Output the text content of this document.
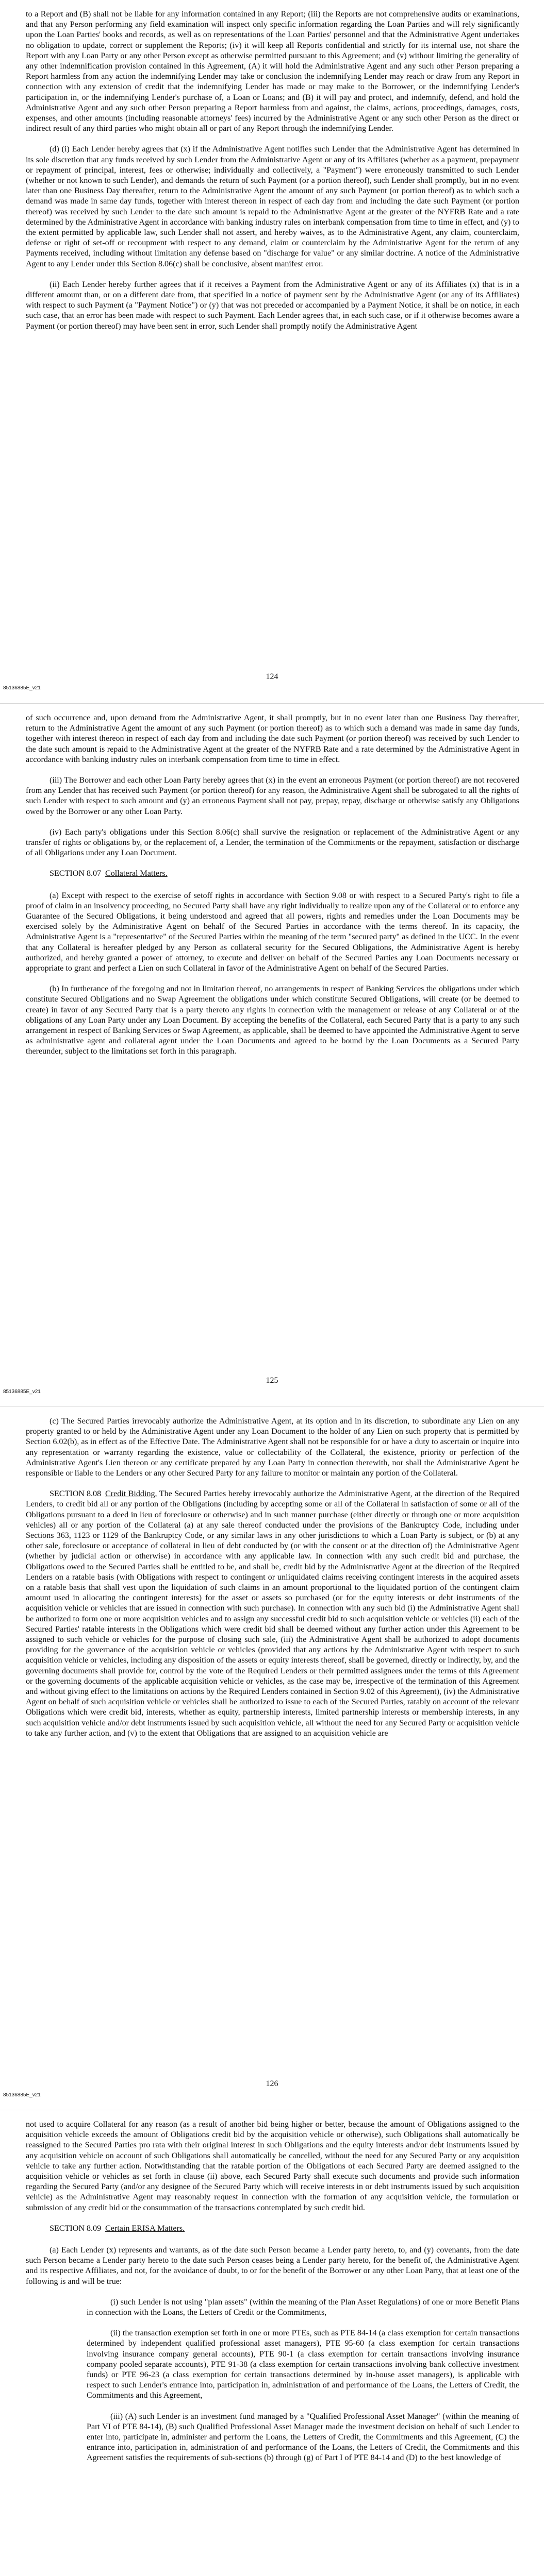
to a Report and (B) shall not be liable for any information contained in any Report; (iii) the Reports are not comprehensive audits or examinations, and that any Person performing any field examination will inspect only specific information regarding the Loan Parties and will rely significantly upon the Loan Parties' books and records, as well as on representations of the Loan Parties' personnel and that the Administrative Agent undertakes no obligation to update, correct or supplement the Reports; (iv) it will keep all Reports confidential and strictly for its internal use, not share the Report with any Loan Party or any other Person except as otherwise permitted pursuant to this Agreement; and (v) without limiting the generality of any other indemnification provision contained in this Agreement, (A) it will hold the Administrative Agent and any such other Person preparing a Report harmless from any action the indemnifying Lender may take or conclusion the indemnifying Lender may reach or draw from any Report in connection with any extension of credit that the indemnifying Lender has made or may make to the Borrower, or the indemnifying Lender's participation in, or the indemnifying Lender's purchase of, a Loan or Loans; and (B) it will pay and protect, and indemnify, defend, and hold the Administrative Agent and any such other Person preparing a Report harmless from and against, the claims, actions, proceedings, damages, costs, expenses, and other amounts (including reasonable attorneys' fees) incurred by the Administrative Agent or any such other Person as the direct or indirect result of any third parties who might obtain all or part of any Report through the indemnifying Lender.

(d) (i) Each Lender hereby agrees that (x) if the Administrative Agent notifies such Lender that the Administrative Agent has determined in its sole discretion that any funds received by such Lender from the Administrative Agent or any of its Affiliates (whether as a payment, prepayment or repayment of principal, interest, fees or otherwise; individually and collectively, a "Payment") were erroneously transmitted to such Lender (whether or not known to such Lender), and demands the return of such Payment (or a portion thereof), such Lender shall promptly, but in no event later than one Business Day thereafter, return to the Administrative Agent the amount of any such Payment (or portion thereof) as to which such a demand was made in same day funds, together with interest thereon in respect of each day from and including the date such Payment (or portion thereof) was received by such Lender to the date such amount is repaid to the Administrative Agent at the greater of the NYFRB Rate and a rate determined by the Administrative Agent in accordance with banking industry rules on interbank compensation from time to time in effect, and (y) to the extent permitted by applicable law, such Lender shall not assert, and hereby waives, as to the Administrative Agent, any claim, counterclaim, defense or right of set-off or recoupment with respect to any demand, claim or counterclaim by the Administrative Agent for the return of any Payments received, including without limitation any defense based on "discharge for value" or any similar doctrine. A notice of the Administrative Agent to any Lender under this Section 8.06(c) shall be conclusive, absent manifest error.

(ii) Each Lender hereby further agrees that if it receives a Payment from the Administrative Agent or any of its Affiliates (x) that is in a different amount than, or on a different date from, that specified in a notice of payment sent by the Administrative Agent (or any of its Affiliates) with respect to such Payment (a "Payment Notice") or (y) that was not preceded or accompanied by a Payment Notice, it shall be on notice, in each such case, that an error has been made with respect to such Payment. Each Lender agrees that, in each such case, or if it otherwise becomes aware a Payment (or portion thereof) may have been sent in error, such Lender shall promptly notify the Administrative Agent

124
85136885E_v21

of such occurrence and, upon demand from the Administrative Agent, it shall promptly, but in no event later than one Business Day thereafter, return to the Administrative Agent the amount of any such Payment (or portion thereof) as to which such a demand was made in same day funds, together with interest thereon in respect of each day from and including the date such Payment (or portion thereof) was received by such Lender to the date such amount is repaid to the Administrative Agent at the greater of the NYFRB Rate and a rate determined by the Administrative Agent in accordance with banking industry rules on interbank compensation from time to time in effect.

(iii) The Borrower and each other Loan Party hereby agrees that (x) in the event an erroneous Payment (or portion thereof) are not recovered from any Lender that has received such Payment (or portion thereof) for any reason, the Administrative Agent shall be subrogated to all the rights of such Lender with respect to such amount and (y) an erroneous Payment shall not pay, prepay, repay, discharge or otherwise satisfy any Obligations owed by the Borrower or any other Loan Party.

(iv) Each party's obligations under this Section 8.06(c) shall survive the resignation or replacement of the Administrative Agent or any transfer of rights or obligations by, or the replacement of, a Lender, the termination of the Commitments or the repayment, satisfaction or discharge of all Obligations under any Loan Document.

SECTION 8.07 Collateral Matters.

(a) Except with respect to the exercise of setoff rights in accordance with Section 9.08 or with respect to a Secured Party's right to file a proof of claim in an insolvency proceeding, no Secured Party shall have any right individually to realize upon any of the Collateral or to enforce any Guarantee of the Secured Obligations, it being understood and agreed that all powers, rights and remedies under the Loan Documents may be exercised solely by the Administrative Agent on behalf of the Secured Parties in accordance with the terms thereof. In its capacity, the Administrative Agent is a "representative" of the Secured Parties within the meaning of the term "secured party" as defined in the UCC. In the event that any Collateral is hereafter pledged by any Person as collateral security for the Secured Obligations, the Administrative Agent is hereby authorized, and hereby granted a power of attorney, to execute and deliver on behalf of the Secured Parties any Loan Documents necessary or appropriate to grant and perfect a Lien on such Collateral in favor of the Administrative Agent on behalf of the Secured Parties.

(b) In furtherance of the foregoing and not in limitation thereof, no arrangements in respect of Banking Services the obligations under which constitute Secured Obligations and no Swap Agreement the obligations under which constitute Secured Obligations, will create (or be deemed to create) in favor of any Secured Party that is a party thereto any rights in connection with the management or release of any Collateral or of the obligations of any Loan Party under any Loan Document. By accepting the benefits of the Collateral, each Secured Party that is a party to any such arrangement in respect of Banking Services or Swap Agreement, as applicable, shall be deemed to have appointed the Administrative Agent to serve as administrative agent and collateral agent under the Loan Documents and agreed to be bound by the Loan Documents as a Secured Party thereunder, subject to the limitations set forth in this paragraph.

125
85136885E_v21

(c) The Secured Parties irrevocably authorize the Administrative Agent, at its option and in its discretion, to subordinate any Lien on any property granted to or held by the Administrative Agent under any Loan Document to the holder of any Lien on such property that is permitted by Section 6.02(b), as in effect as of the Effective Date. The Administrative Agent shall not be responsible for or have a duty to ascertain or inquire into any representation or warranty regarding the existence, value or collectability of the Collateral, the existence, priority or perfection of the Administrative Agent's Lien thereon or any certificate prepared by any Loan Party in connection therewith, nor shall the Administrative Agent be responsible or liable to the Lenders or any other Secured Party for any failure to monitor or maintain any portion of the Collateral.

SECTION 8.08 Credit Bidding. The Secured Parties hereby irrevocably authorize the Administrative Agent, at the direction of the Required Lenders, to credit bid all or any portion of the Obligations (including by accepting some or all of the Collateral in satisfaction of some or all of the Obligations pursuant to a deed in lieu of foreclosure or otherwise) and in such manner purchase (either directly or through one or more acquisition vehicles) all or any portion of the Collateral (a) at any sale thereof conducted under the provisions of the Bankruptcy Code, including under Sections 363, 1123 or 1129 of the Bankruptcy Code, or any similar laws in any other jurisdictions to which a Loan Party is subject, or (b) at any other sale, foreclosure or acceptance of collateral in lieu of debt conducted by (or with the consent or at the direction of) the Administrative Agent (whether by judicial action or otherwise) in accordance with any applicable law. In connection with any such credit bid and purchase, the Obligations owed to the Secured Parties shall be entitled to be, and shall be, credit bid by the Administrative Agent at the direction of the Required Lenders on a ratable basis (with Obligations with respect to contingent or unliquidated claims receiving contingent interests in the acquired assets on a ratable basis that shall vest upon the liquidation of such claims in an amount proportional to the liquidated portion of the contingent claim amount used in allocating the contingent interests) for the asset or assets so purchased (or for the equity interests or debt instruments of the acquisition vehicle or vehicles that are issued in connection with such purchase). In connection with any such bid (i) the Administrative Agent shall be authorized to form one or more acquisition vehicles and to assign any successful credit bid to such acquisition vehicle or vehicles (ii) each of the Secured Parties' ratable interests in the Obligations which were credit bid shall be deemed without any further action under this Agreement to be assigned to such vehicle or vehicles for the purpose of closing such sale, (iii) the Administrative Agent shall be authorized to adopt documents providing for the governance of the acquisition vehicle or vehicles (provided that any actions by the Administrative Agent with respect to such acquisition vehicle or vehicles, including any disposition of the assets or equity interests thereof, shall be governed, directly or indirectly, by, and the governing documents shall provide for, control by the vote of the Required Lenders or their permitted assignees under the terms of this Agreement or the governing documents of the applicable acquisition vehicle or vehicles, as the case may be, irrespective of the termination of this Agreement and without giving effect to the limitations on actions by the Required Lenders contained in Section 9.02 of this Agreement), (iv) the Administrative Agent on behalf of such acquisition vehicle or vehicles shall be authorized to issue to each of the Secured Parties, ratably on account of the relevant Obligations which were credit bid, interests, whether as equity, partnership interests, limited partnership interests or membership interests, in any such acquisition vehicle and/or debt instruments issued by such acquisition vehicle, all without the need for any Secured Party or acquisition vehicle to take any further action, and (v) to the extent that Obligations that are assigned to an acquisition vehicle are

126
85136885E_v21

not used to acquire Collateral for any reason (as a result of another bid being higher or better, because the amount of Obligations assigned to the acquisition vehicle exceeds the amount of Obligations credit bid by the acquisition vehicle or otherwise), such Obligations shall automatically be reassigned to the Secured Parties pro rata with their original interest in such Obligations and the equity interests and/or debt instruments issued by any acquisition vehicle on account of such Obligations shall automatically be cancelled, without the need for any Secured Party or any acquisition vehicle to take any further action. Notwithstanding that the ratable portion of the Obligations of each Secured Party are deemed assigned to the acquisition vehicle or vehicles as set forth in clause (ii) above, each Secured Party shall execute such documents and provide such information regarding the Secured Party (and/or any designee of the Secured Party which will receive interests in or debt instruments issued by such acquisition vehicle) as the Administrative Agent may reasonably request in connection with the formation of any acquisition vehicle, the formulation or submission of any credit bid or the consummation of the transactions contemplated by such credit bid.

SECTION 8.09 Certain ERISA Matters.

(a) Each Lender (x) represents and warrants, as of the date such Person became a Lender party hereto, to, and (y) covenants, from the date such Person became a Lender party hereto to the date such Person ceases being a Lender party hereto, for the benefit of, the Administrative Agent and its respective Affiliates, and not, for the avoidance of doubt, to or for the benefit of the Borrower or any other Loan Party, that at least one of the following is and will be true:

(i) such Lender is not using "plan assets" (within the meaning of the Plan Asset Regulations) of one or more Benefit Plans in connection with the Loans, the Letters of Credit or the Commitments,

(ii) the transaction exemption set forth in one or more PTEs, such as PTE 84-14 (a class exemption for certain transactions determined by independent qualified professional asset managers), PTE 95-60 (a class exemption for certain transactions involving insurance company general accounts), PTE 90-1 (a class exemption for certain transactions involving insurance company pooled separate accounts), PTE 91-38 (a class exemption for certain transactions involving bank collective investment funds) or PTE 96-23 (a class exemption for certain transactions determined by in-house asset managers), is applicable with respect to such Lender's entrance into, participation in, administration of and performance of the Loans, the Letters of Credit, the Commitments and this Agreement,

(iii) (A) such Lender is an investment fund managed by a "Qualified Professional Asset Manager" (within the meaning of Part VI of PTE 84-14), (B) such Qualified Professional Asset Manager made the investment decision on behalf of such Lender to enter into, participate in, administer and perform the Loans, the Letters of Credit, the Commitments and this Agreement, (C) the entrance into, participation in, administration of and performance of the Loans, the Letters of Credit, the Commitments and this Agreement satisfies the requirements of sub-sections (b) through (g) of Part I of PTE 84-14 and (D) to the best knowledge of
